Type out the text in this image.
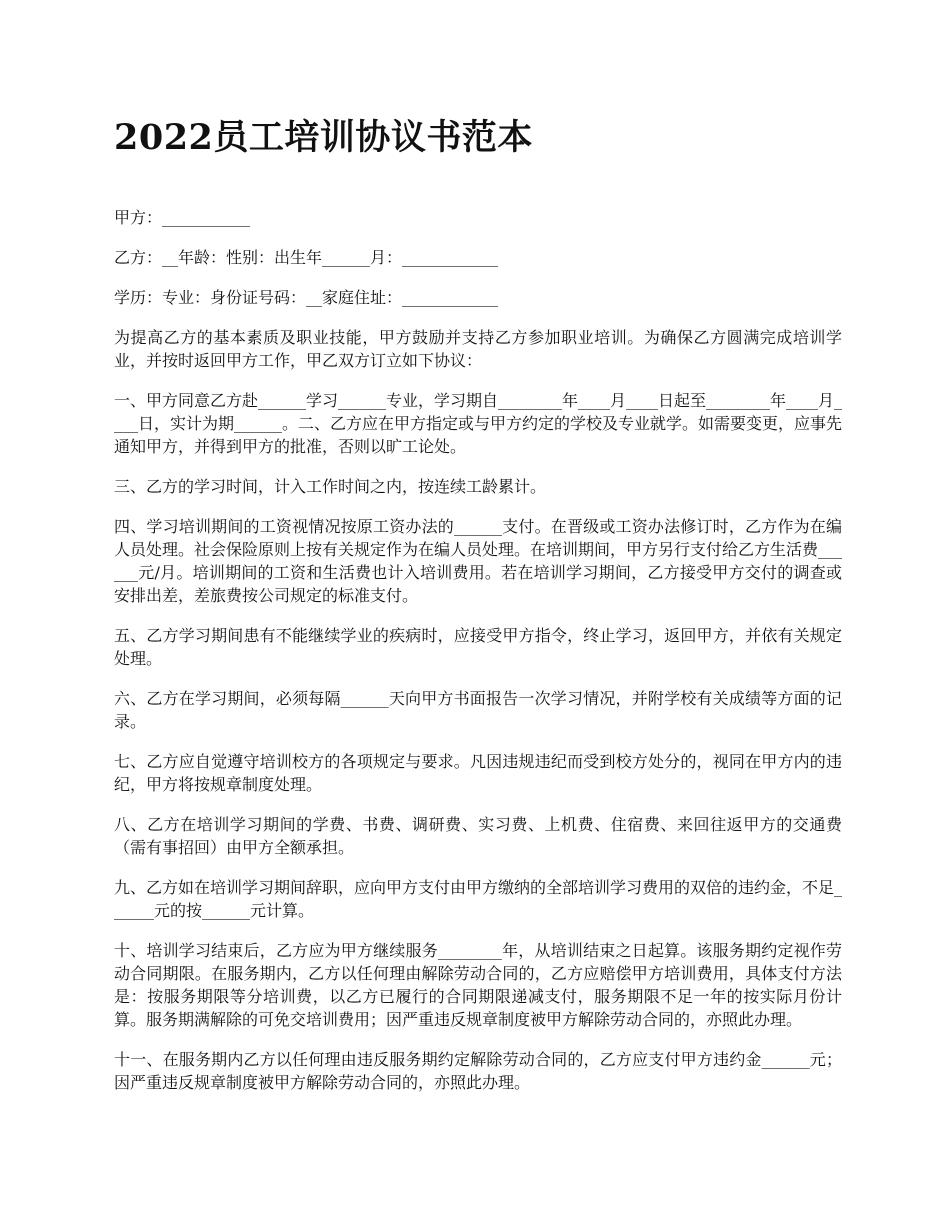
2022员工培训协议书范本

甲方：___________

乙方：__年龄：性别：出生年______月：____________

学历：专业：身份证号码：__家庭住址：____________

为提高乙方的基本素质及职业技能，甲方鼓励并支持乙方参加职业培训。为确保乙方圆满完成培训学业，并按时返回甲方工作，甲乙双方订立如下协议：

一、甲方同意乙方赴______学习______专业，学习期自________年____月____日起至________年____月____日，实计为期______。二、乙方应在甲方指定或与甲方约定的学校及专业就学。如需要变更，应事先通知甲方，并得到甲方的批准，否则以旷工论处。

三、乙方的学习时间，计入工作时间之内，按连续工龄累计。

四、学习培训期间的工资视情况按原工资办法的______支付。在晋级或工资办法修订时，乙方作为在编人员处理。社会保险原则上按有关规定作为在编人员处理。在培训期间，甲方另行支付给乙方生活费______元/月。培训期间的工资和生活费也计入培训费用。若在培训学习期间，乙方接受甲方交付的调查或安排出差，差旅费按公司规定的标准支付。

五、乙方学习期间患有不能继续学业的疾病时，应接受甲方指令，终止学习，返回甲方，并依有关规定处理。

六、乙方在学习期间，必须每隔______天向甲方书面报告一次学习情况，并附学校有关成绩等方面的记录。

七、乙方应自觉遵守培训校方的各项规定与要求。凡因违规违纪而受到校方处分的，视同在甲方内的违纪，甲方将按规章制度处理。

八、乙方在培训学习期间的学费、书费、调研费、实习费、上机费、住宿费、来回往返甲方的交通费（需有事招回）由甲方全额承担。

九、乙方如在培训学习期间辞职，应向甲方支付由甲方缴纳的全部培训学习费用的双倍的违约金，不足______元的按______元计算。

十、培训学习结束后，乙方应为甲方继续服务________年，从培训结束之日起算。该服务期约定视作劳动合同期限。在服务期内，乙方以任何理由解除劳动合同的，乙方应赔偿甲方培训费用，具体支付方法是：按服务期限等分培训费，以乙方已履行的合同期限递减支付，服务期限不足一年的按实际月份计算。服务期满解除的可免交培训费用；因严重违反规章制度被甲方解除劳动合同的，亦照此办理。

十一、在服务期内乙方以任何理由违反服务期约定解除劳动合同的，乙方应支付甲方违约金______元；因严重违反规章制度被甲方解除劳动合同的，亦照此办理。
